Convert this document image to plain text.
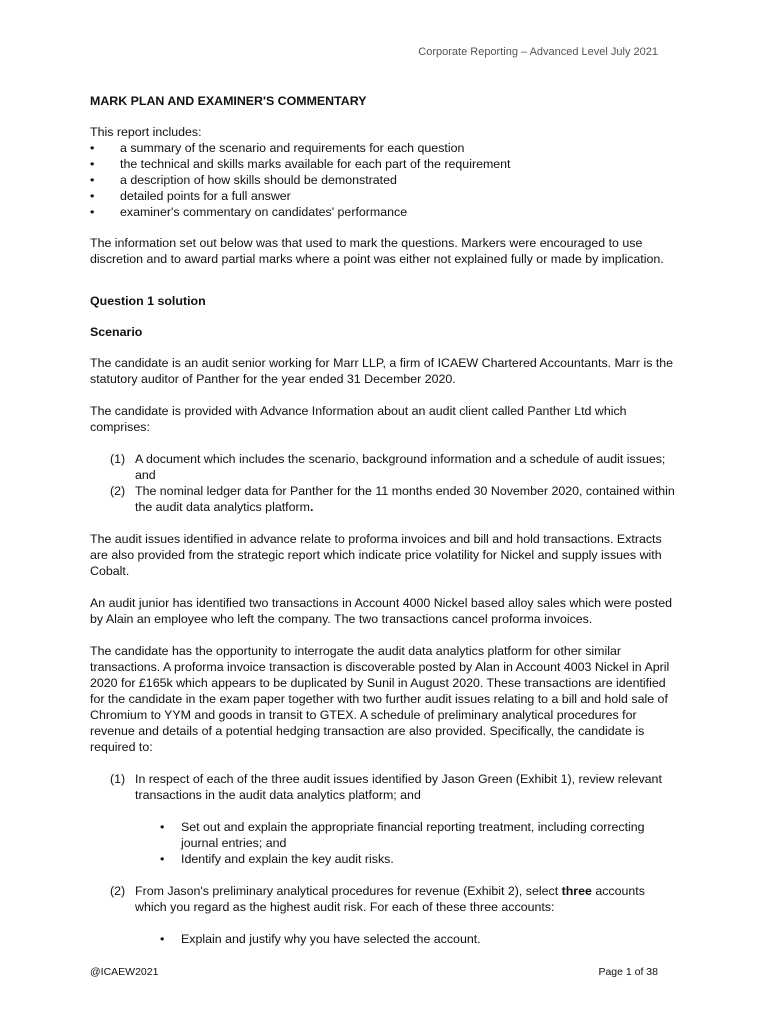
Corporate Reporting – Advanced Level July 2021

MARK PLAN AND EXAMINER'S COMMENTARY

This report includes:

• a summary of the scenario and requirements for each question
• the technical and skills marks available for each part of the requirement
• a description of how skills should be demonstrated
• detailed points for a full answer
• examiner's commentary on candidates' performance

The information set out below was that used to mark the questions. Markers were encouraged to use discretion and to award partial marks where a point was either not explained fully or made by implication.

Question 1 solution

Scenario

The candidate is an audit senior working for Marr LLP, a firm of ICAEW Chartered Accountants. Marr is the statutory auditor of Panther for the year ended 31 December 2020.

The candidate is provided with Advance Information about an audit client called Panther Ltd which comprises:

(1) A document which includes the scenario, background information and a schedule of audit issues; and
(2) The nominal ledger data for Panther for the 11 months ended 30 November 2020, contained within the audit data analytics platform.

The audit issues identified in advance relate to proforma invoices and bill and hold transactions. Extracts are also provided from the strategic report which indicate price volatility for Nickel and supply issues with Cobalt.

An audit junior has identified two transactions in Account 4000 Nickel based alloy sales which were posted by Alain an employee who left the company. The two transactions cancel proforma invoices.

The candidate has the opportunity to interrogate the audit data analytics platform for other similar transactions. A proforma invoice transaction is discoverable posted by Alan in Account 4003 Nickel in April 2020 for £165k which appears to be duplicated by Sunil in August 2020. These transactions are identified for the candidate in the exam paper together with two further audit issues relating to a bill and hold sale of Chromium to YYM and goods in transit to GTEX. A schedule of preliminary analytical procedures for revenue and details of a potential hedging transaction are also provided. Specifically, the candidate is required to:

(1) In respect of each of the three audit issues identified by Jason Green (Exhibit 1), review relevant transactions in the audit data analytics platform; and
• Set out and explain the appropriate financial reporting treatment, including correcting journal entries; and
• Identify and explain the key audit risks.
(2) From Jason's preliminary analytical procedures for revenue (Exhibit 2), select three accounts which you regard as the highest audit risk. For each of these three accounts:
• Explain and justify why you have selected the account.
@ICAEW2021	Page 1 of 38
